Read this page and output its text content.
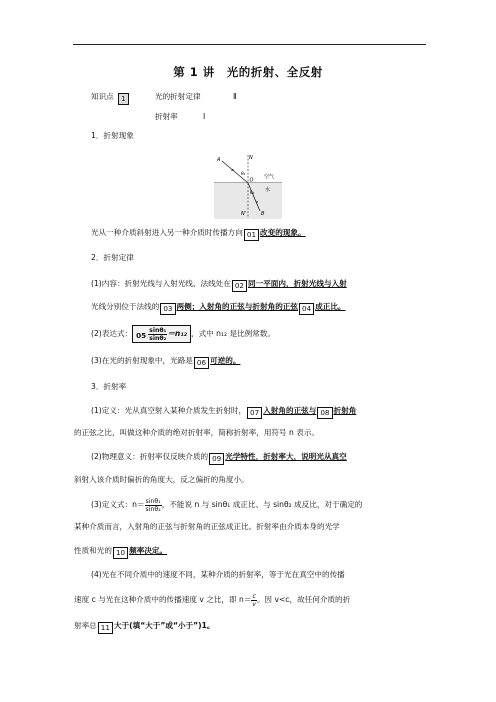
第 1 讲　光的折射、全反射
知识点 1	光的折射定律	Ⅱ
折射率	Ⅰ
1．折射现象
A	N
θ₁
O
空气
水
θ₂
N'	B
光从一种介质斜射进入另一种介质时传播方向 01 改变的现象。
2．折射定律
(1)内容：折射光线与入射光线、法线处在 02 同一平面内，折射光线与入射
光线分别位于法线的 03 两侧；入射角的正弦与折射角的正弦 04 成正比。
(2)表达式： $05 \frac{\text{sinθ₁}}{\text{sinθ₂}} =n_{12}$ ，式中 n₁₂ 是比例常数。
(3)在光的折射现象中，光路是 06 可逆的。
3．折射率
(1)定义：光从真空射入某种介质发生折射时， 07 入射角的正弦与 08 折射角
的正弦之比，叫做这种介质的绝对折射率，简称折射率，用符号 n 表示。
(2)物理意义：折射率仅反映介质的 09 光学特性，折射率大，说明光从真空
斜射入该介质时偏折的角度大，反之偏折的角度小。
(3)定义式：$n= \frac{\text{sinθ₁}}{\text{sinθ₂}}$ ，不能说 n 与 sinθ₁ 成正比、与 sinθ₂ 成反比，对于确定的
某种介质而言，入射角的正弦与折射角的正弦成正比。折射率由介质本身的光学
性质和光的 10 频率决定。
(4)光在不同介质中的速度不同，某种介质的折射率，等于光在真空中的传播
速度 c 与光在这种介质中的传播速度 v 之比，即 $n= \frac{c}{v}$ 。因 v<c，故任何介质的折
射率总 11 大于(填“大于”或“小于”)1。
